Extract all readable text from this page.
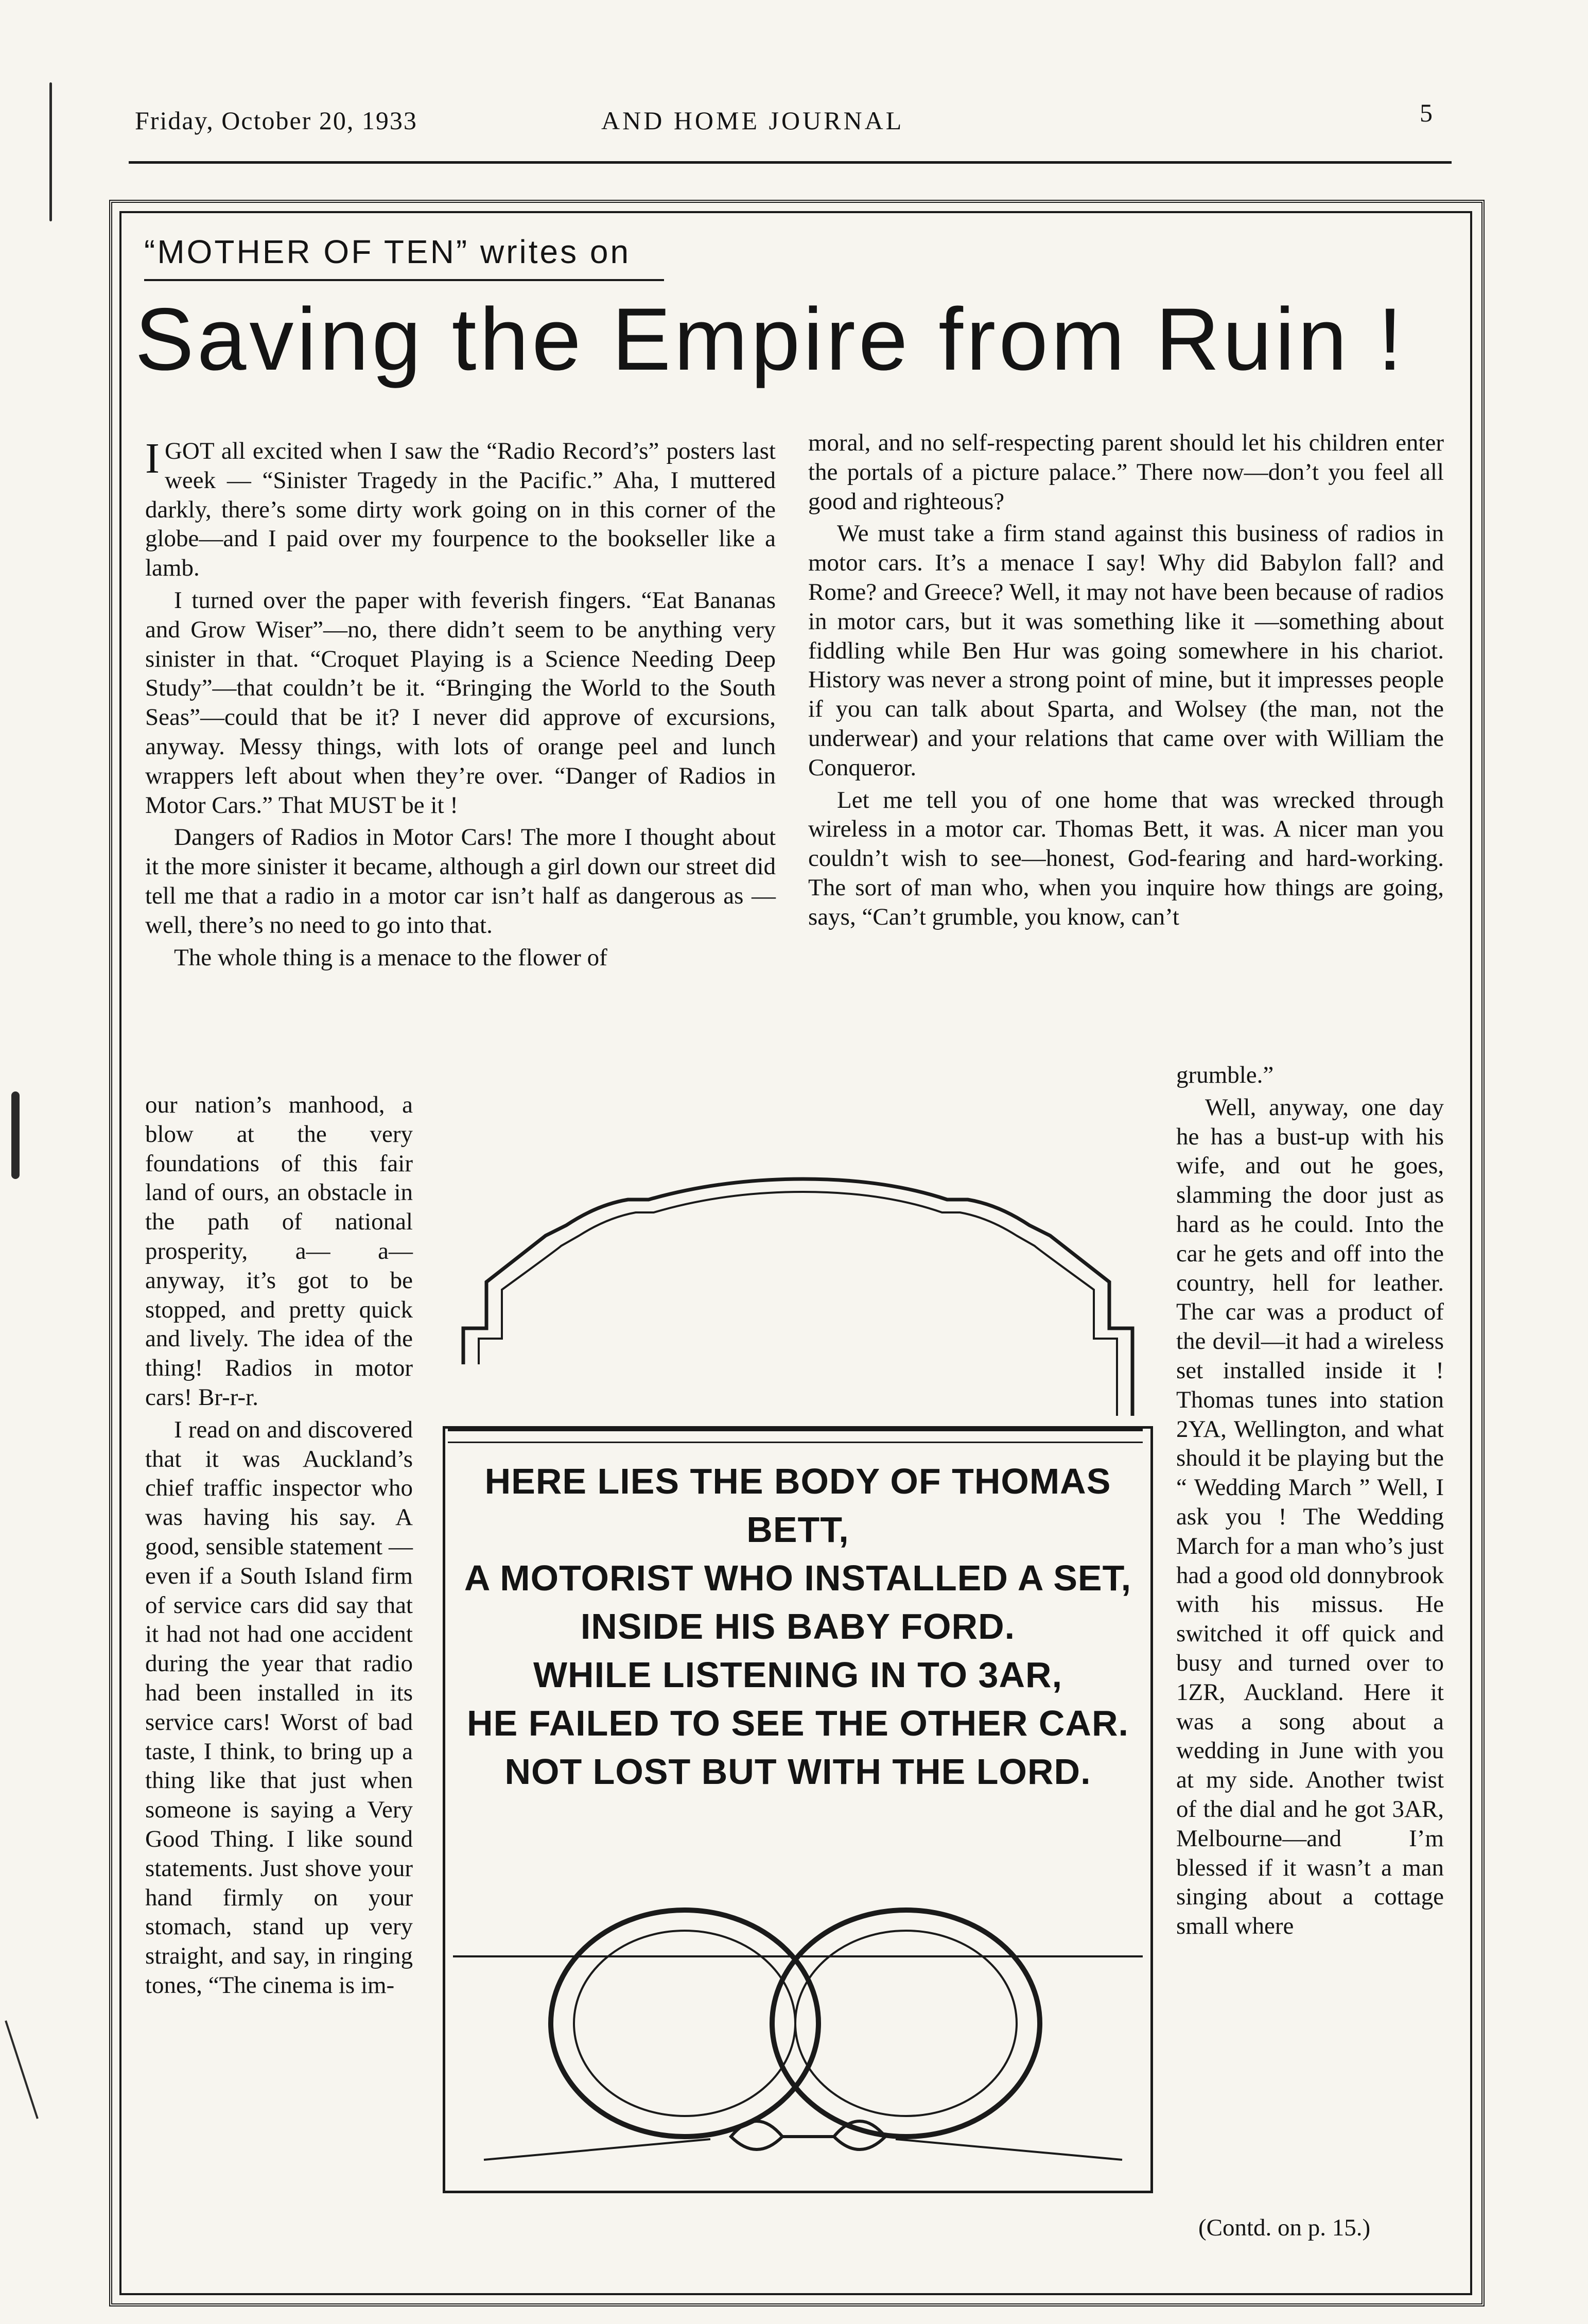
Friday, October 20, 1933	AND HOME JOURNAL	5
“MOTHER OF TEN” writes on
Saving the Empire from Ruin !

IGOT all excited when I saw the “Radio Record’s” posters last week — “Sinister Tragedy in the Pacific.” Aha, I muttered darkly, there’s some dirty work going on in this corner of the globe—and I paid over my fourpence to the bookseller like a lamb.

I turned over the paper with feverish fingers. “Eat Bananas and Grow Wiser”—no, there didn’t seem to be anything very sinister in that. “Croquet Playing is a Science Needing Deep Study”—that couldn’t be it. “Bringing the World to the South Seas”—could that be it? I never did approve of excursions, anyway. Messy things, with lots of orange peel and lunch wrappers left about when they’re over. “Danger of Radios in Motor Cars.” That MUST be it !

Dangers of Radios in Motor Cars! The more I thought about it the more sinister it became, although a girl down our street did tell me that a radio in a motor car isn’t half as dangerous as —well, there’s no need to go into that.

The whole thing is a menace to the flower of

our nation’s manhood, a blow at the very foundations of this fair land of ours, an obstacle in the path of national prosperity, a— a— anyway, it’s got to be stopped, and pretty quick and lively. The idea of the thing! Radios in motor cars! Br-r-r.

I read on and discovered that it was Auckland’s chief traffic inspector who was having his say. A good, sensible statement —even if a South Island firm of service cars did say that it had not had one accident during the year that radio had been installed in its service cars! Worst of bad taste, I think, to bring up a thing like that just when someone is saying a Very Good Thing. I like sound statements. Just shove your hand firmly on your stomach, stand up very straight, and say, in ringing tones, “The cinema is im-

moral, and no self-respecting parent should let his children enter the portals of a picture palace.” There now—don’t you feel all good and righteous?

We must take a firm stand against this business of radios in motor cars. It’s a menace I say! Why did Babylon fall? and Rome? and Greece? Well, it may not have been because of radios in motor cars, but it was something like it —something about fiddling while Ben Hur was going somewhere in his chariot. History was never a strong point of mine, but it impresses people if you can talk about Sparta, and Wolsey (the man, not the underwear) and your relations that came over with William the Conqueror.

Let me tell you of one home that was wrecked through wireless in a motor car. Thomas Bett, it was. A nicer man you couldn’t wish to see—honest, God-fearing and hard-working. The sort of man who, when you inquire how things are going, says, “Can’t grumble, you know, can’t

grumble.”

Well, anyway, one day he has a bust-up with his wife, and out he goes, slamming the door just as hard as he could. Into the car he gets and off into the country, hell for leather. The car was a product of the devil—it had a wireless set installed inside it ! Thomas tunes into station 2YA, Wellington, and what should it be playing but the “ Wedding March ” Well, I ask you ! The Wedding March for a man who’s just had a good old donnybrook with his missus. He switched it off quick and busy and turned over to 1ZR, Auckland. Here it was a song about a wedding in June with you at my side. Another twist of the dial and he got 3AR, Melbourne—and I’m blessed if it wasn’t a man singing about a cottage small where

(Contd. on p. 15.)
HERE LIES THE BODY OF THOMAS BETT,
A MOTORIST WHO INSTALLED A SET,
INSIDE HIS BABY FORD.
WHILE LISTENING IN TO 3AR,
HE FAILED TO SEE THE OTHER CAR.
NOT LOST BUT WITH THE LORD.
